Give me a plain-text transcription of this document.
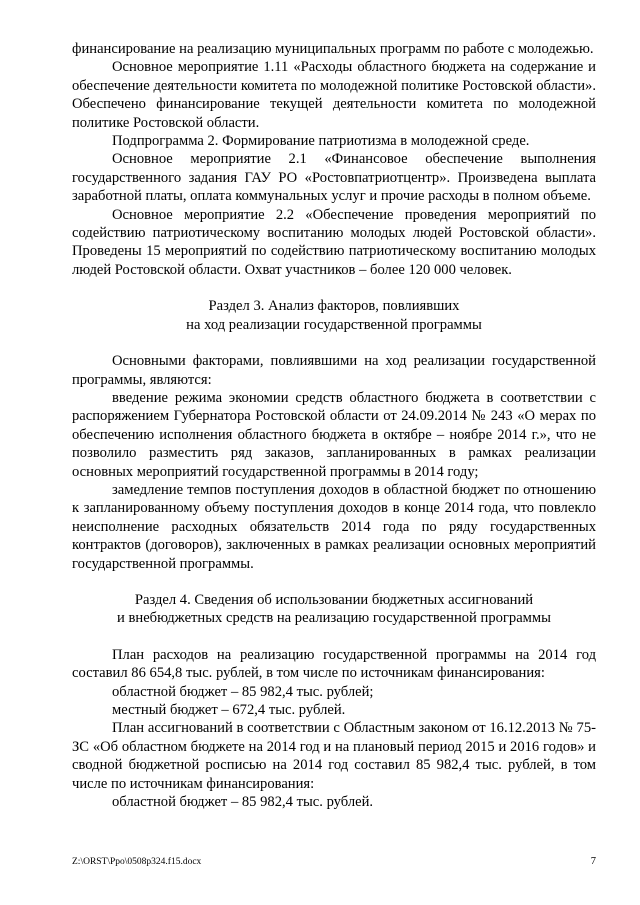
финансирование на реализацию муниципальных программ по работе с молодежью.

Основное мероприятие 1.11 «Расходы областного бюджета на содержание и обеспечение деятельности комитета по молодежной политике Ростовской области». Обеспечено финансирование текущей деятельности комитета по молодежной политике Ростовской области.

Подпрограмма 2. Формирование патриотизма в молодежной среде.

Основное мероприятие 2.1 «Финансовое обеспечение выполнения государственного задания ГАУ РО «Ростовпатриотцентр». Произведена выплата заработной платы, оплата коммунальных услуг и прочие расходы в полном объеме.

Основное мероприятие 2.2 «Обеспечение проведения мероприятий по содействию патриотическому воспитанию молодых людей Ростовской области». Проведены 15 мероприятий по содействию патриотическому воспитанию молодых людей Ростовской области. Охват участников – более 120 000 человек.

Раздел 3. Анализ факторов, повлиявших

на ход реализации государственной программы

Основными факторами, повлиявшими на ход реализации государственной программы, являются:

введение режима экономии средств областного бюджета в соответствии с распоряжением Губернатора Ростовской области от 24.09.2014 № 243 «О мерах по обеспечению исполнения областного бюджета в октябре – ноябре 2014 г.», что не позволило разместить ряд заказов, запланированных в рамках реализации основных мероприятий государственной программы в 2014 году;

замедление темпов поступления доходов в областной бюджет по отношению к запланированному объему поступления доходов в конце 2014 года, что повлекло неисполнение расходных обязательств 2014 года по ряду государственных контрактов (договоров), заключенных в рамках реализации основных мероприятий государственной программы.

Раздел 4. Сведения об использовании бюджетных ассигнований

и внебюджетных средств на реализацию государственной программы

План расходов на реализацию государственной программы на 2014 год составил 86 654,8 тыс. рублей, в том числе по источникам финансирования:

областной бюджет – 85 982,4 тыс. рублей;

местный бюджет – 672,4 тыс. рублей.

План ассигнований в соответствии с Областным законом от 16.12.2013 № 75-ЗС «Об областном бюджете на 2014 год и на плановый период 2015 и 2016 годов» и сводной бюджетной росписью на 2014 год составил 85 982,4 тыс. рублей, в том числе по источникам финансирования:

областной бюджет – 85 982,4 тыс. рублей.

Z:\ORST\Ppo\0508p324.f15.docx	7
